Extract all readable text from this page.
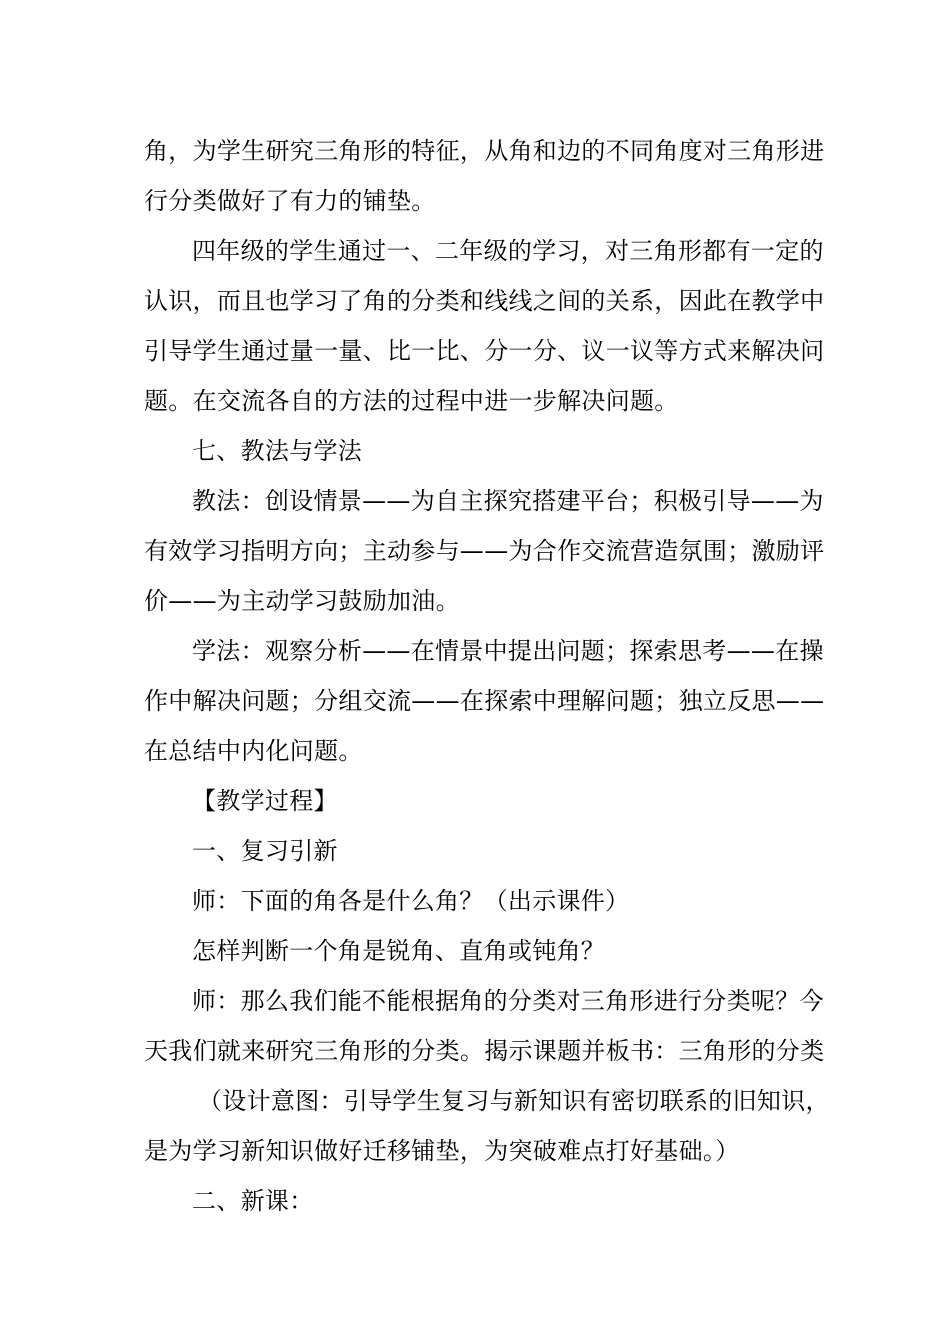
角，为学生研究三角形的特征，从角和边的不同角度对三角形进
行分类做好了有力的铺垫。
四年级的学生通过一、二年级的学习，对三角形都有一定的
认识，而且也学习了角的分类和线线之间的关系，因此在教学中
引导学生通过量一量、比一比、分一分、议一议等方式来解决问
题。在交流各自的方法的过程中进一步解决问题。
七、教法与学法
教法：创设情景——为自主探究搭建平台；积极引导——为
有效学习指明方向；主动参与——为合作交流营造氛围；激励评
价——为主动学习鼓励加油。
学法：观察分析——在情景中提出问题；探索思考——在操
作中解决问题；分组交流——在探索中理解问题；独立反思——
在总结中内化问题。
【教学过程】
一、复习引新
师：下面的角各是什么角？（出示课件）
怎样判断一个角是锐角、直角或钝角？
师：那么我们能不能根据角的分类对三角形进行分类呢？今
天我们就来研究三角形的分类。揭示课题并板书：三角形的分类
（设计意图：引导学生复习与新知识有密切联系的旧知识，
是为学习新知识做好迁移铺垫，为突破难点打好基础。）
二、新课：
